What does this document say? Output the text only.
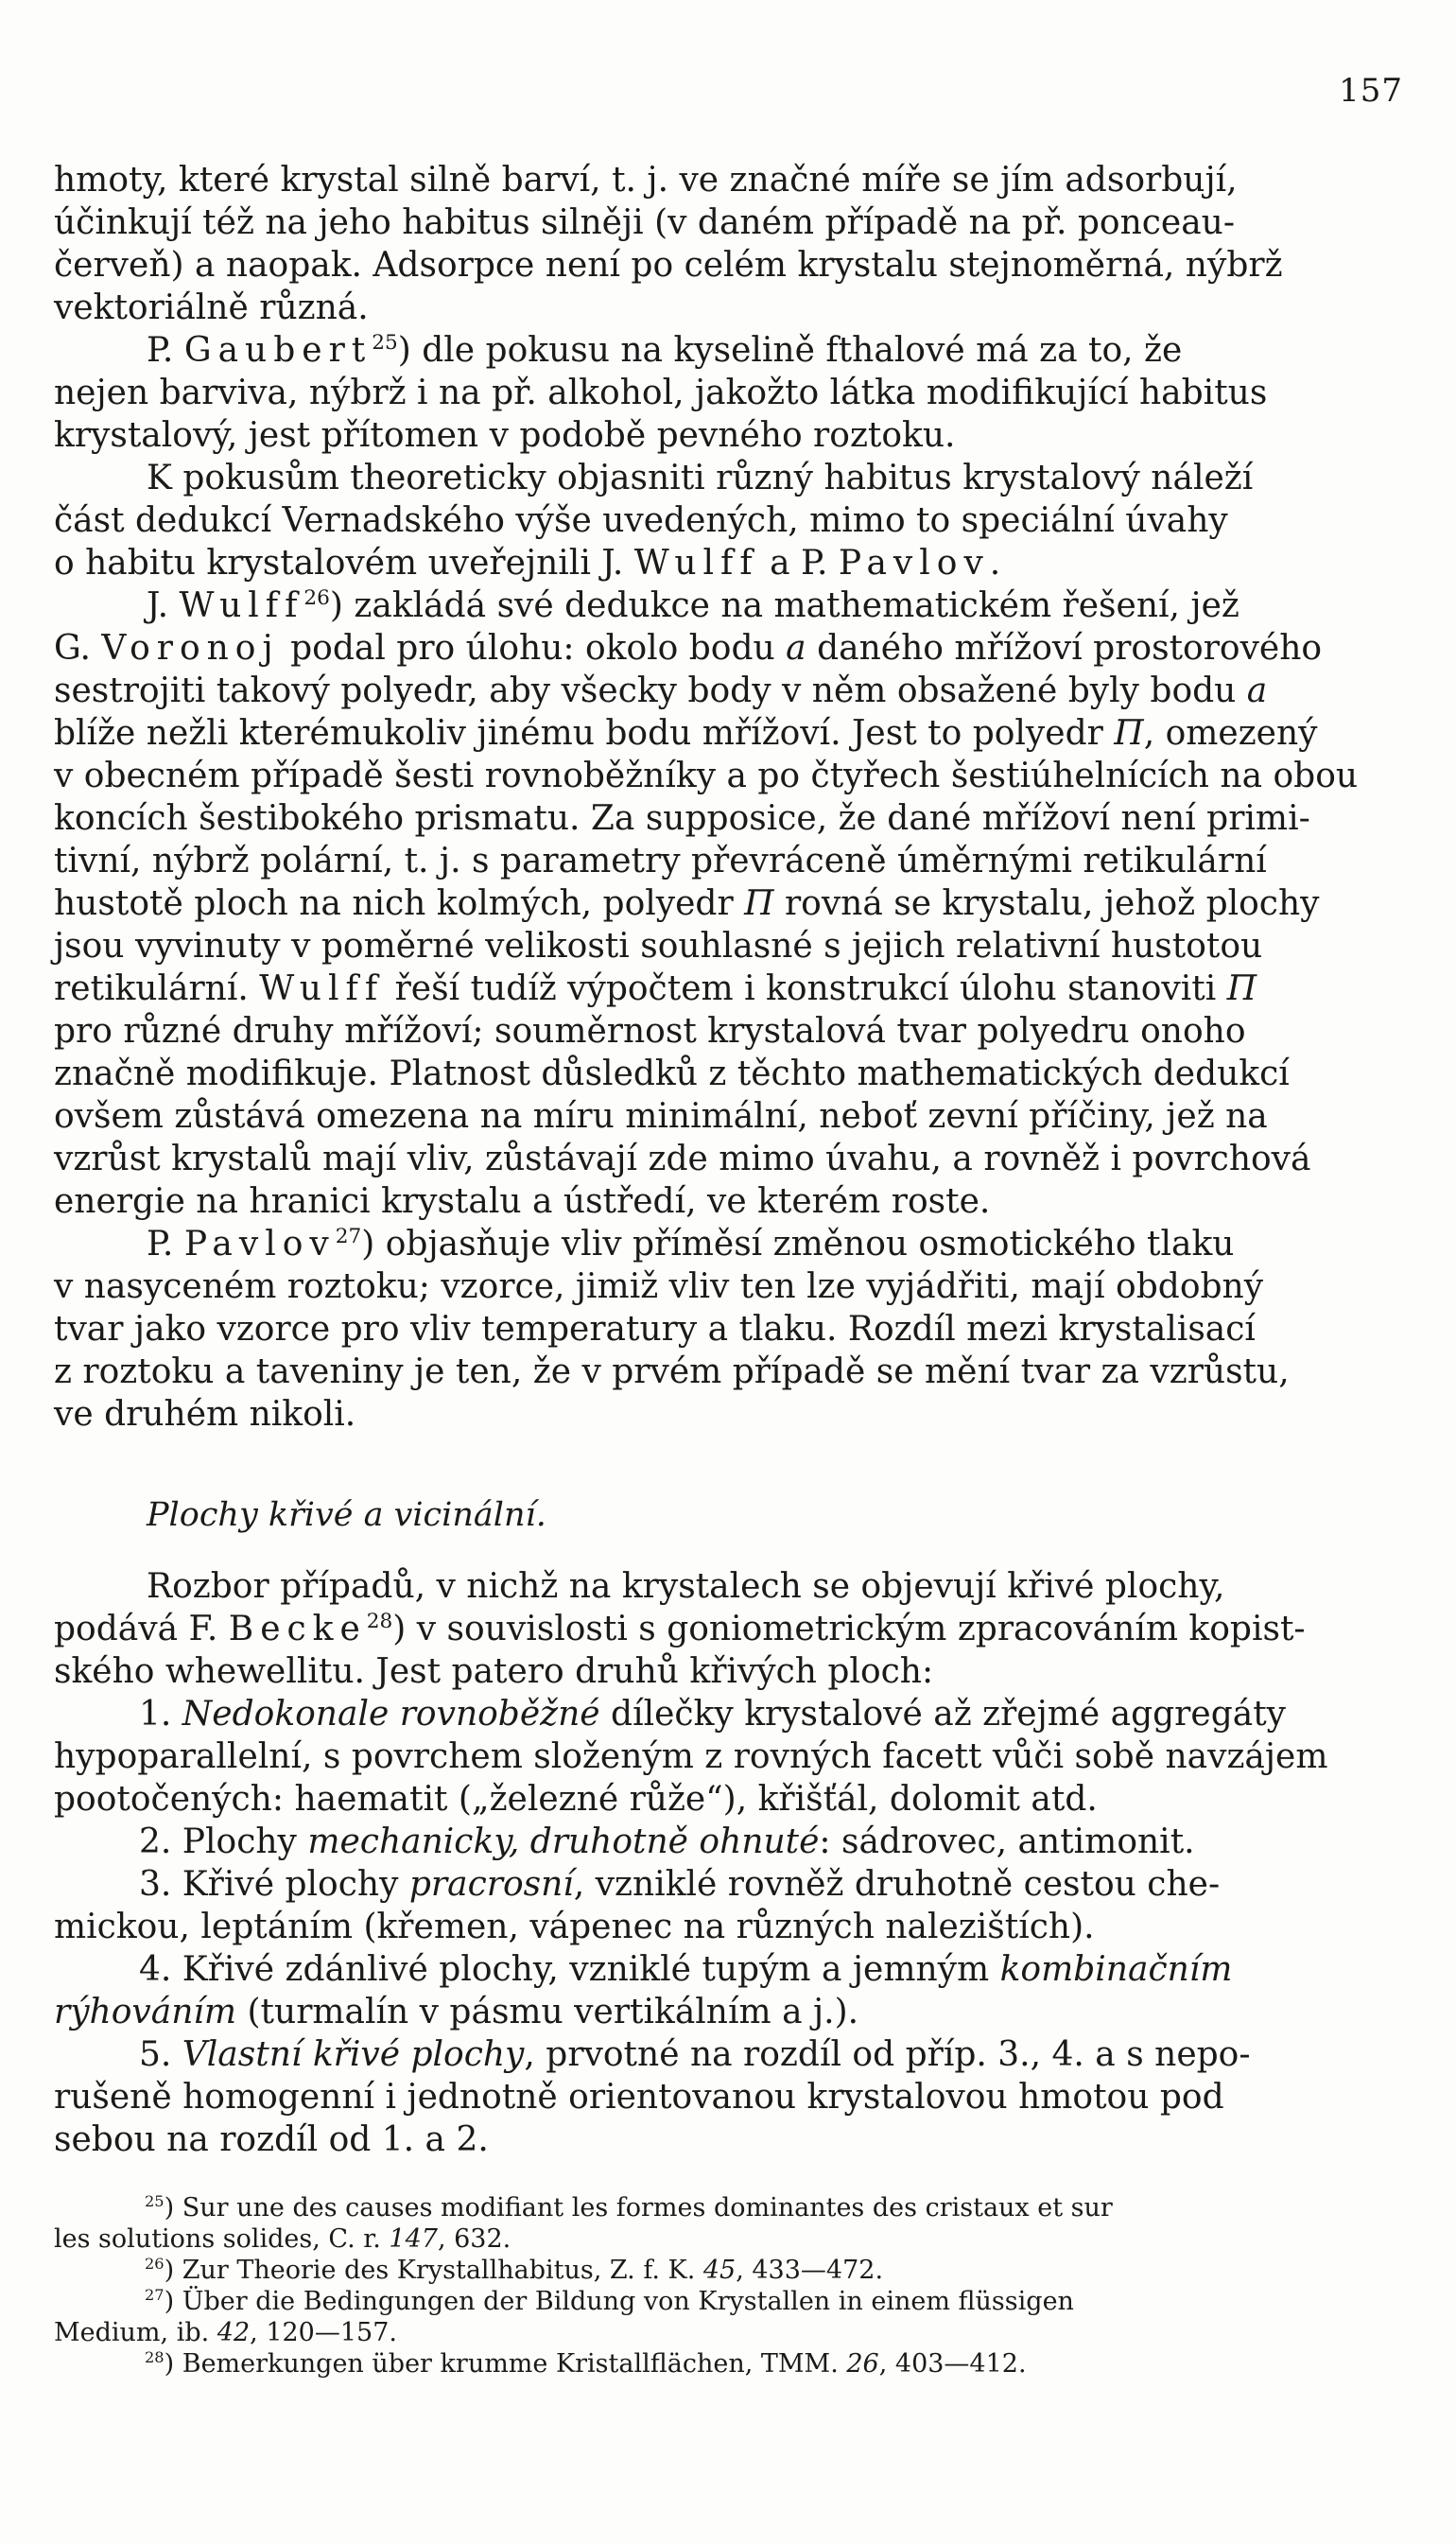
157
hmoty, které krystal silně barví, t. j. ve značné míře se jím adsorbují,
účinkují též na jeho habitus silněji (v daném případě na př. ponceau-
červeň) a naopak. Adsorpce není po celém krystalu stejnoměrná, nýbrž
vektoriálně různá.
P. Gaubert$^{25}$) dle pokusu na kyselině fthalové má za to, že
nejen barviva, nýbrž i na př. alkohol, jakožto látka modifikující habitus
krystalový, jest přítomen v podobě pevného roztoku.
K pokusům theoreticky objasniti různý habitus krystalový náleží
část dedukcí Vernadského výše uvedených, mimo to speciální úvahy
o habitu krystalovém uveřejnili J. Wulff a P. Pavlov.
J. Wulff$^{26}$) zakládá své dedukce na mathematickém řešení, jež
G. Voronoj podal pro úlohu: okolo bodu a daného mřížoví prostorového
sestrojiti takový polyedr, aby všecky body v něm obsažené byly bodu a
blíže nežli kterémukoliv jinému bodu mřížoví. Jest to polyedr Π, omezený
v obecném případě šesti rovnoběžníky a po čtyřech šestiúhelnících na obou
koncích šestibokého prismatu. Za supposice, že dané mřížoví není primi-
tivní, nýbrž polární, t. j. s parametry převráceně úměrnými retikulární
hustotě ploch na nich kolmých, polyedr Π rovná se krystalu, jehož plochy
jsou vyvinuty v poměrné velikosti souhlasné s jejich relativní hustotou
retikulární. Wulff řeší tudíž výpočtem i konstrukcí úlohu stanoviti Π
pro různé druhy mřížoví; souměrnost krystalová tvar polyedru onoho
značně modifikuje. Platnost důsledků z těchto mathematických dedukcí
ovšem zůstává omezena na míru minimální, neboť zevní příčiny, jež na
vzrůst krystalů mají vliv, zůstávají zde mimo úvahu, a rovněž i povrchová
energie na hranici krystalu a ústředí, ve kterém roste.
P. Pavlov$^{27}$) objasňuje vliv příměsí změnou osmotického tlaku
v nasyceném roztoku; vzorce, jimiž vliv ten lze vyjádřiti, mají obdobný
tvar jako vzorce pro vliv temperatury a tlaku. Rozdíl mezi krystalisací
z roztoku a taveniny je ten, že v prvém případě se mění tvar za vzrůstu,
ve druhém nikoli.
Plochy křivé a vicinální.
Rozbor případů, v nichž na krystalech se objevují křivé plochy,
podává F. Becke$^{28}$) v souvislosti s goniometrickým zpracováním kopist-
ského whewellitu. Jest patero druhů křivých ploch:
1. Nedokonale rovnoběžné dílečky krystalové až zřejmé aggregáty
hypoparallelní, s povrchem složeným z rovných facett vůči sobě navzájem
pootočených: haematit („železné růže“), křišťál, dolomit atd.
2. Plochy mechanicky, druhotně ohnuté: sádrovec, antimonit.
3. Křivé plochy pracrosní, vzniklé rovněž druhotně cestou che-
mickou, leptáním (křemen, vápenec na různých nalezištích).
4. Křivé zdánlivé plochy, vzniklé tupým a jemným kombinačním
rýhováním (turmalín v pásmu vertikálním a j.).
5. Vlastní křivé plochy, prvotné na rozdíl od příp. 3., 4. a s nepo-
rušeně homogenní i jednotně orientovanou krystalovou hmotou pod
sebou na rozdíl od 1. a 2.
$^{25}$) Sur une des causes modifiant les formes dominantes des cristaux et sur
les solutions solides, C. r. 147, 632.
$^{26}$) Zur Theorie des Krystallhabitus, Z. f. K. 45, 433—472.
$^{27}$) Über die Bedingungen der Bildung von Krystallen in einem flüssigen
Medium, ib. 42, 120—157.
$^{28}$) Bemerkungen über krumme Kristallflächen, TMM. 26, 403—412.
